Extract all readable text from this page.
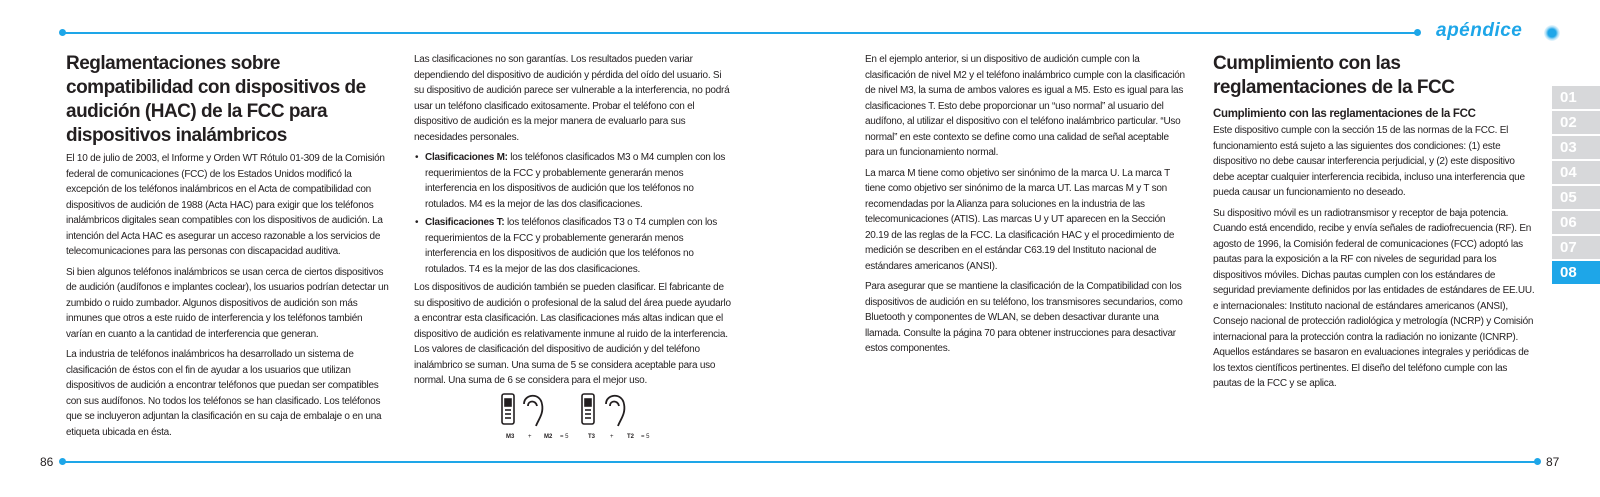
apéndice
86	87
Reglamentaciones sobre compatibilidad con dispositivos de audición (HAC) de la FCC para dispositivos inalámbricos

El 10 de julio de 2003, el Informe y Orden WT Rótulo 01-309 de la Comisión federal de comunicaciones (FCC) de los Estados Unidos modificó la excepción de los teléfonos inalámbricos en el Acta de compatibilidad con dispositivos de audición de 1988 (Acta HAC) para exigir que los teléfonos inalámbricos digitales sean compatibles con los dispositivos de audición. La intención del Acta HAC es asegurar un acceso razonable a los servicios de telecomunicaciones para las personas con discapacidad auditiva.

Si bien algunos teléfonos inalámbricos se usan cerca de ciertos dispositivos de audición (audífonos e implantes coclear), los usuarios podrían detectar un zumbido o ruido zumbador. Algunos dispositivos de audición son más inmunes que otros a este ruido de interferencia y los teléfonos también varían en cuanto a la cantidad de interferencia que generan.

La industria de teléfonos inalámbricos ha desarrollado un sistema de clasificación de éstos con el fin de ayudar a los usuarios que utilizan dispositivos de audición a encontrar teléfonos que puedan ser compatibles con sus audífonos. No todos los teléfonos se han clasificado. Los teléfonos que se incluyeron adjuntan la clasificación en su caja de embalaje o en una etiqueta ubicada en ésta.

Las clasificaciones no son garantías. Los resultados pueden variar dependiendo del dispositivo de audición y pérdida del oído del usuario. Si su dispositivo de audición parece ser vulnerable a la interferencia, no podrá usar un teléfono clasificado exitosamente. Probar el teléfono con el dispositivo de audición es la mejor manera de evaluarlo para sus necesidades personales.

• Clasificaciones M: los teléfonos clasificados M3 o M4 cumplen con los requerimientos de la FCC y probablemente generarán menos interferencia en los dispositivos de audición que los teléfonos no rotulados. M4 es la mejor de las dos clasificaciones.
• Clasificaciones T: los teléfonos clasificados T3 o T4 cumplen con los requerimientos de la FCC y probablemente generarán menos interferencia en los dispositivos de audición que los teléfonos no rotulados. T4 es la mejor de las dos clasificaciones.

Los dispositivos de audición también se pueden clasificar. El fabricante de su dispositivo de audición o profesional de la salud del área puede ayudarlo a encontrar esta clasificación. Las clasificaciones más altas indican que el dispositivo de audición es relativamente inmune al ruido de la interferencia. Los valores de clasificación del dispositivo de audición y del teléfono inalámbrico se suman. Una suma de 5 se considera aceptable para uso normal. Una suma de 6 se considera para el mejor uso.

M3 + M2 = 5	T3 + T2 = 5

En el ejemplo anterior, si un dispositivo de audición cumple con la clasificación de nivel M2 y el teléfono inalámbrico cumple con la clasificación de nivel M3, la suma de ambos valores es igual a M5. Esto es igual para las clasificaciones T. Esto debe proporcionar un “uso normal” al usuario del audífono, al utilizar el dispositivo con el teléfono inalámbrico particular. “Uso normal” en este contexto se define como una calidad de señal aceptable para un funcionamiento normal.

La marca M tiene como objetivo ser sinónimo de la marca U. La marca T tiene como objetivo ser sinónimo de la marca UT. Las marcas M y T son recomendadas por la Alianza para soluciones en la industria de las telecomunicaciones (ATIS). Las marcas U y UT aparecen en la Sección 20.19 de las reglas de la FCC. La clasificación HAC y el procedimiento de medición se describen en el estándar C63.19 del Instituto nacional de estándares americanos (ANSI).

Para asegurar que se mantiene la clasificación de la Compatibilidad con los dispositivos de audición en su teléfono, los transmisores secundarios, como Bluetooth y componentes de WLAN, se deben desactivar durante una llamada. Consulte la página 70 para obtener instrucciones para desactivar estos componentes.

Cumplimiento con las reglamentaciones de la FCC
Cumplimiento con las reglamentaciones de la FCC

Este dispositivo cumple con la sección 15 de las normas de la FCC. El funcionamiento está sujeto a las siguientes dos condiciones: (1) este dispositivo no debe causar interferencia perjudicial, y (2) este dispositivo debe aceptar cualquier interferencia recibida, incluso una interferencia que pueda causar un funcionamiento no deseado.

Su dispositivo móvil es un radiotransmisor y receptor de baja potencia. Cuando está encendido, recibe y envía señales de radiofrecuencia (RF). En agosto de 1996, la Comisión federal de comunicaciones (FCC) adoptó las pautas para la exposición a la RF con niveles de seguridad para los dispositivos móviles. Dichas pautas cumplen con los estándares de seguridad previamente definidos por las entidades de estándares de EE.UU. e internacionales: Instituto nacional de estándares americanos (ANSI), Consejo nacional de protección radiológica y metrología (NCRP) y Comisión internacional para la protección contra la radiación no ionizante (ICNRP). Aquellos estándares se basaron en evaluaciones integrales y periódicas de los textos científicos pertinentes. El diseño del teléfono cumple con las pautas de la FCC y se aplica.

01
02
03
04
05
06
07
08
